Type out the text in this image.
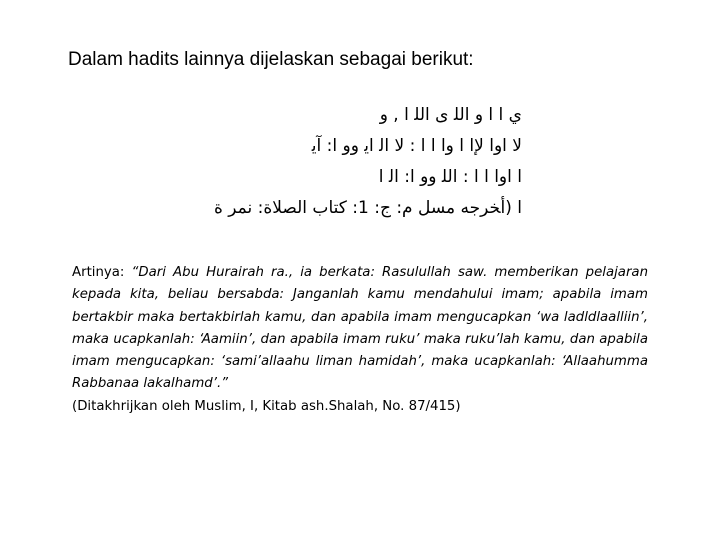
Dalam hadits lainnya dijelaskan sebagai berikut:
ي ا ا و اﻟﻠ ﻯ اﻟﻠ ا , و
ﻻ ﺍﻭﺍ ﻹﺍ ﺍ ﻭﺍ ﺍ ﺍ : ﻻ ﺍﻟ ﺍﻳ ﻭﻭ ﺍ: ﺁﻳ
ﺍ ﺍﻭﺍ ﺍ ﺍ : ﺍﻟﻠ ﻭﻭ ﺍ: ﺍﻟ ﺍ
ا (أﺨﺮﺟﻪ ﻣﺴﻞ ﻡ: ﺝ: 1: ﻛﺘﺎﺏ ﺍﻟﺼﻼﺓ: ﻧﻤﺮ ﺓ
Artinya: “Dari Abu Hurairah ra., ia berkata: Rasulullah saw. memberikan pelajaran kepada kita, beliau bersabda: Janganlah kamu mendahului imam; apabila imam bertakbir maka bertakbirlah kamu, dan apabila imam mengucapkan ‘wa ladldlaalliin’, maka ucapkanlah: ‘Aamiin’, dan apabila imam ruku’ maka ruku’lah kamu, dan apabila imam mengucapkan: ‘sami’allaahu liman hamidah’, maka ucapkanlah: ‘Allaahumma Rabbanaa lakalhamd’.”
(Ditakhrijkan oleh Muslim, I, Kitab ash.Shalah, No. 87/415)
